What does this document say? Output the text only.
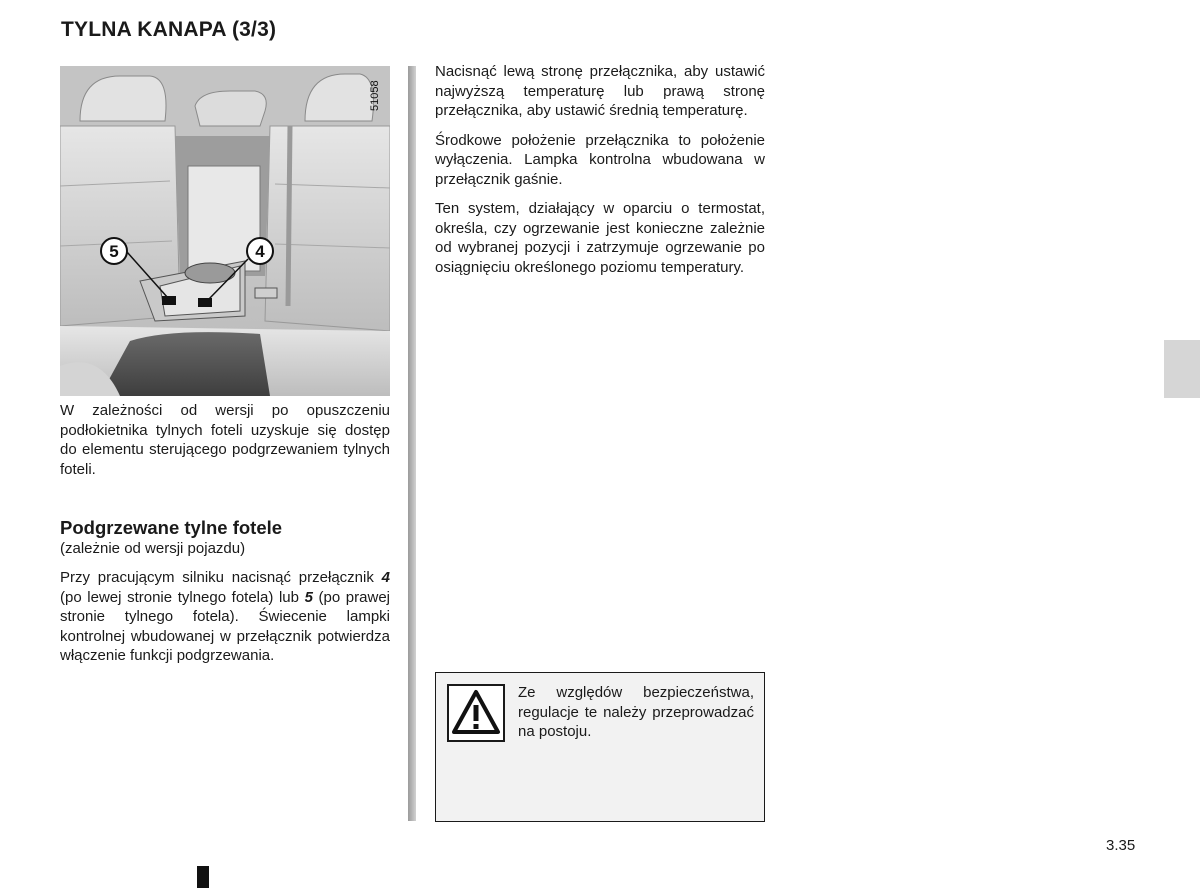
TYLNA KANAPA (3/3)
51058
5	4

W zależności od wersji po opuszczeniu podłokietnika tylnych foteli uzyskuje się dostęp do elementu sterującego podgrzewaniem tylnych foteli.

Podgrzewane tylne fotele

(zależnie od wersji pojazdu)

Przy pracującym silniku nacisnąć przełącznik 4 (po lewej stronie tylnego fotela) lub 5 (po prawej stronie tylnego fotela). Świecenie lampki kontrolnej wbudowanej w przełącznik potwierdza włączenie funkcji podgrzewania.

Nacisnąć lewą stronę przełącznika, aby ustawić najwyższą temperaturę lub prawą stronę przełącznika, aby ustawić średnią temperaturę.

Środkowe położenie przełącznika to położenie wyłączenia. Lampka kontrolna wbudowana w przełącznik gaśnie.

Ten system, działający w oparciu o termostat, określa, czy ogrzewanie jest konieczne zależnie od wybranej pozycji i zatrzymuje ogrzewanie po osiągnięciu określonego poziomu temperatury.

Ze względów bezpieczeństwa, regulacje te należy przeprowadzać na postoju.
3.35
